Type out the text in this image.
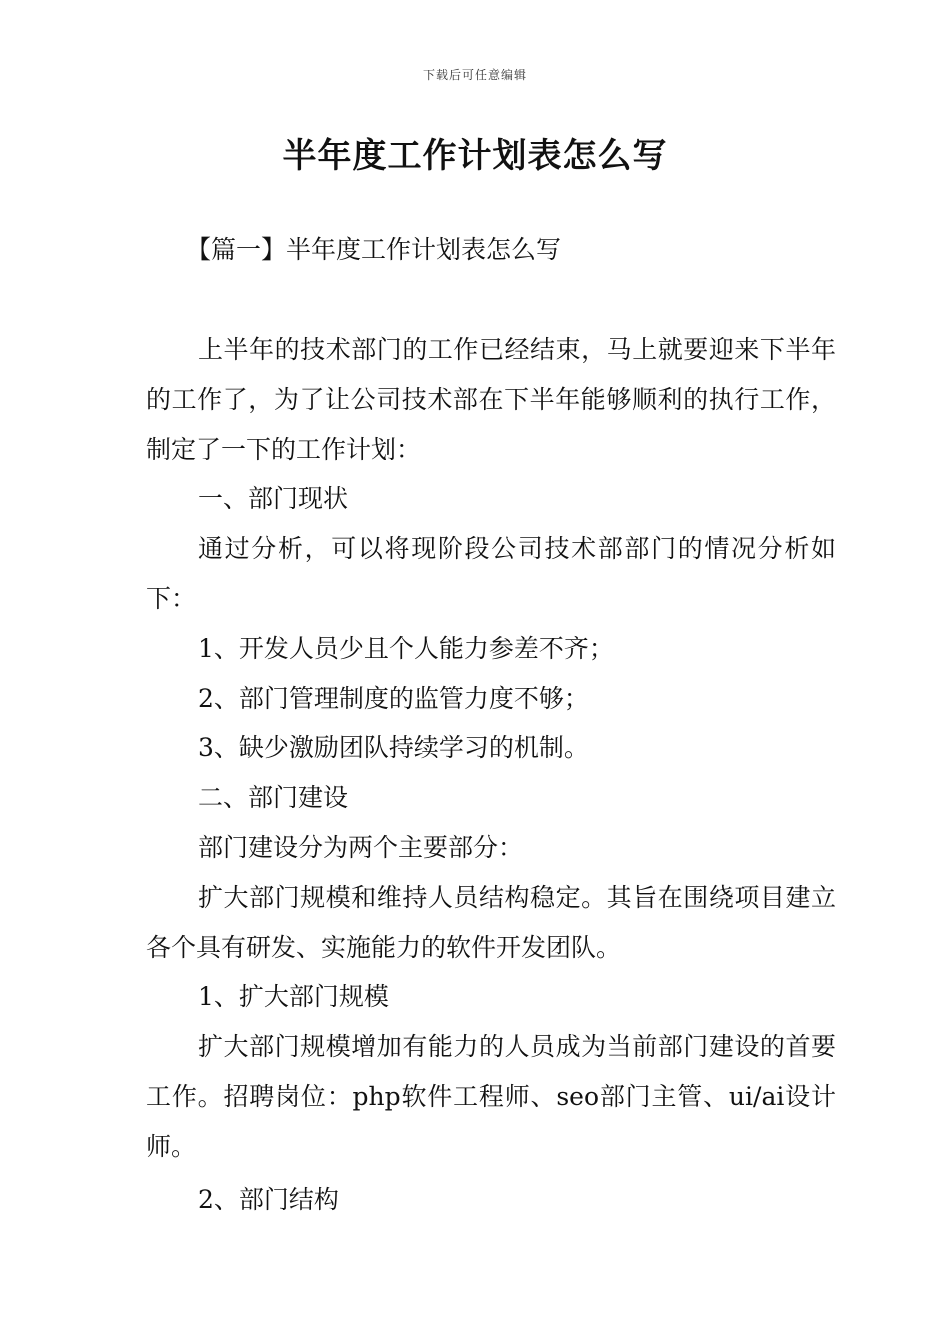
下载后可任意编辑
半年度工作计划表怎么写
【篇一】半年度工作计划表怎么写

上半年的技术部门的工作已经结束，马上就要迎来下半年的工作了，为了让公司技术部在下半年能够顺利的执行工作，制定了一下的工作计划：

一、部门现状

通过分析，可以将现阶段公司技术部部门的情况分析如下：

1、开发人员少且个人能力参差不齐；

2、部门管理制度的监管力度不够；

3、缺少激励团队持续学习的机制。

二、部门建设

部门建设分为两个主要部分：

扩大部门规模和维持人员结构稳定。其旨在围绕项目建立各个具有研发、实施能力的软件开发团队。

1、扩大部门规模

扩大部门规模增加有能力的人员成为当前部门建设的首要工作。招聘岗位：php软件工程师、seo部门主管、ui/ai设计师。

2、部门结构
